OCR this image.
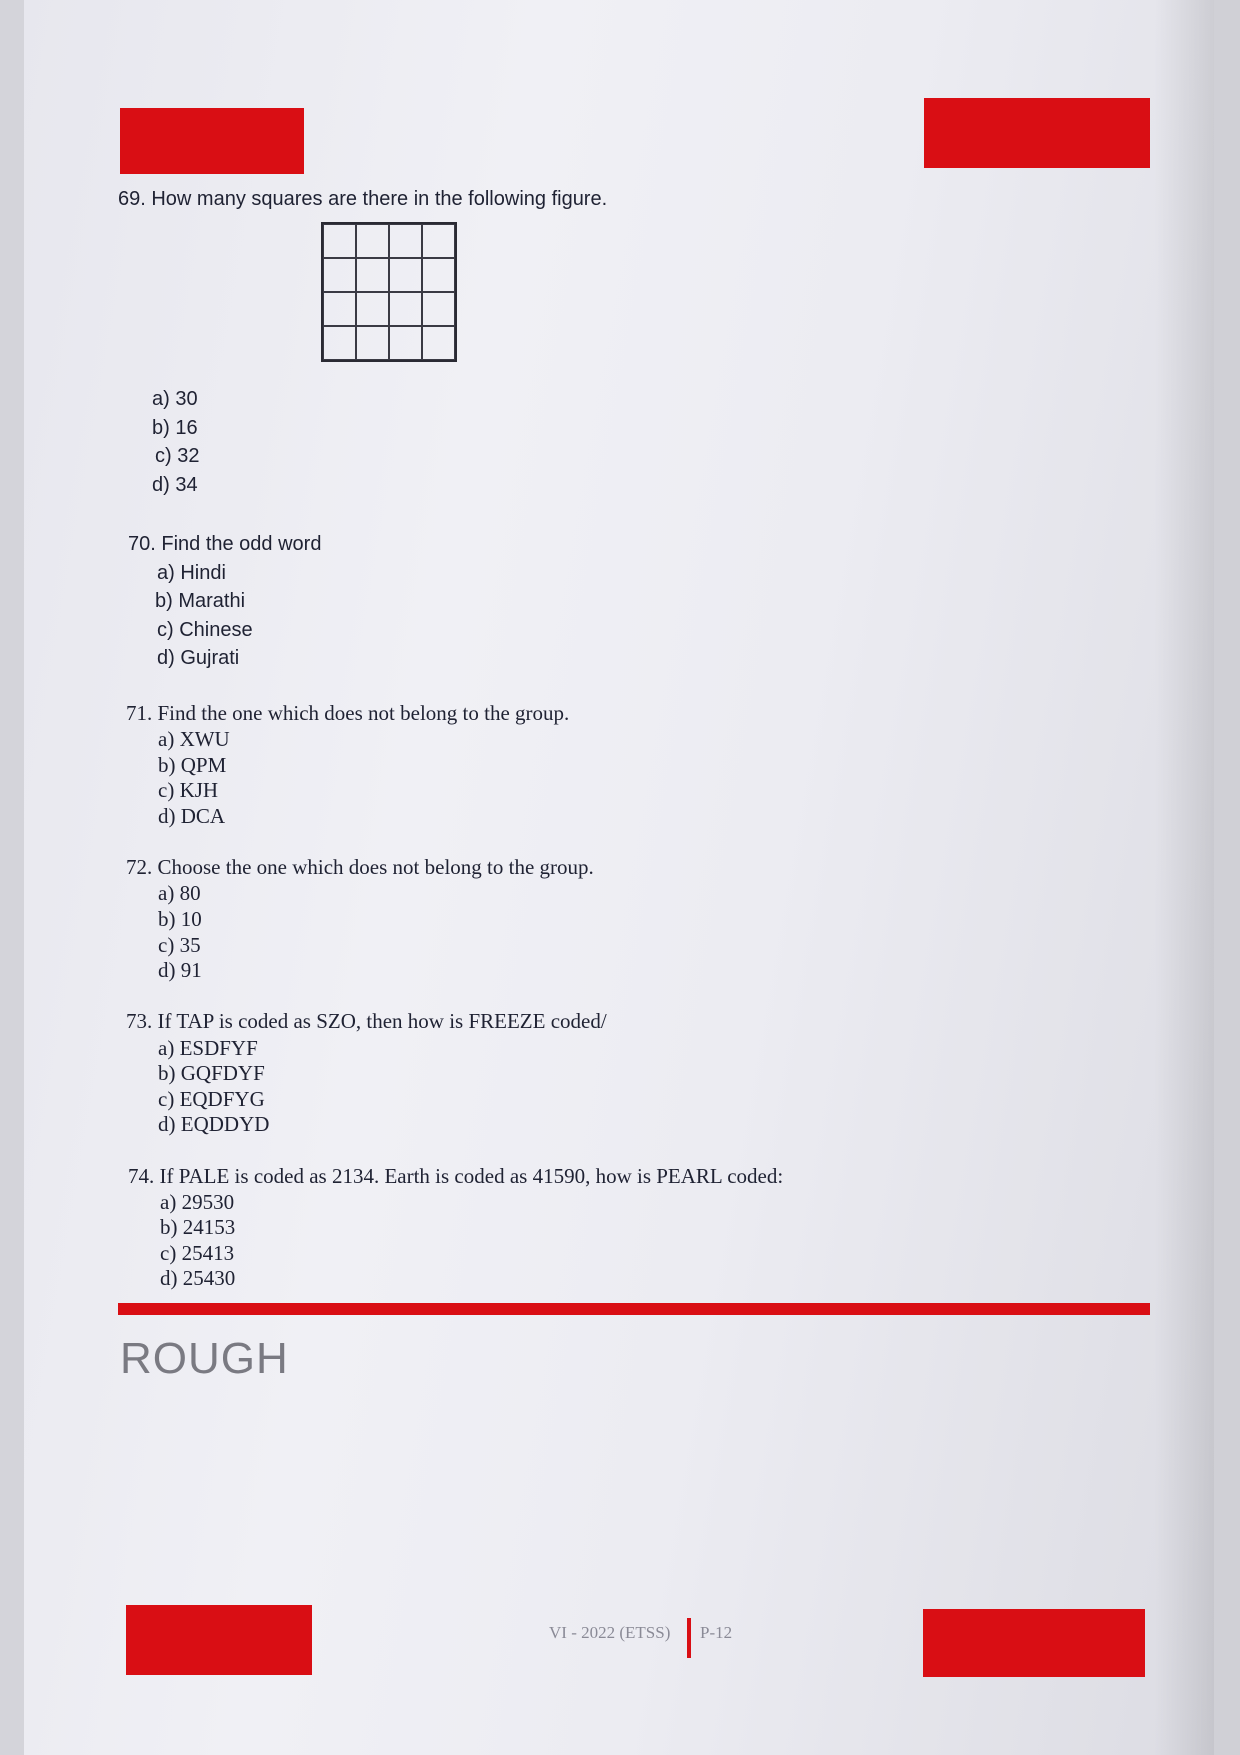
69. How many squares are there in the following figure.
a) 30
b) 16
c) 32
d) 34
70. Find the odd word
a) Hindi
b) Marathi
c) Chinese
d) Gujrati
71. Find the one which does not belong to the group.
a) XWU
b) QPM
c) KJH
d) DCA
72. Choose the one which does not belong to the group.
a) 80
b) 10
c) 35
d) 91
73. If TAP is coded as SZO, then how is FREEZE coded/
a) ESDFYF
b) GQFDYF
c) EQDFYG
d) EQDDYD
74. If PALE is coded as 2134. Earth is coded as 41590, how is PEARL coded:
a) 29530
b) 24153
c) 25413
d) 25430
ROUGH
VI - 2022 (ETSS) P-12
